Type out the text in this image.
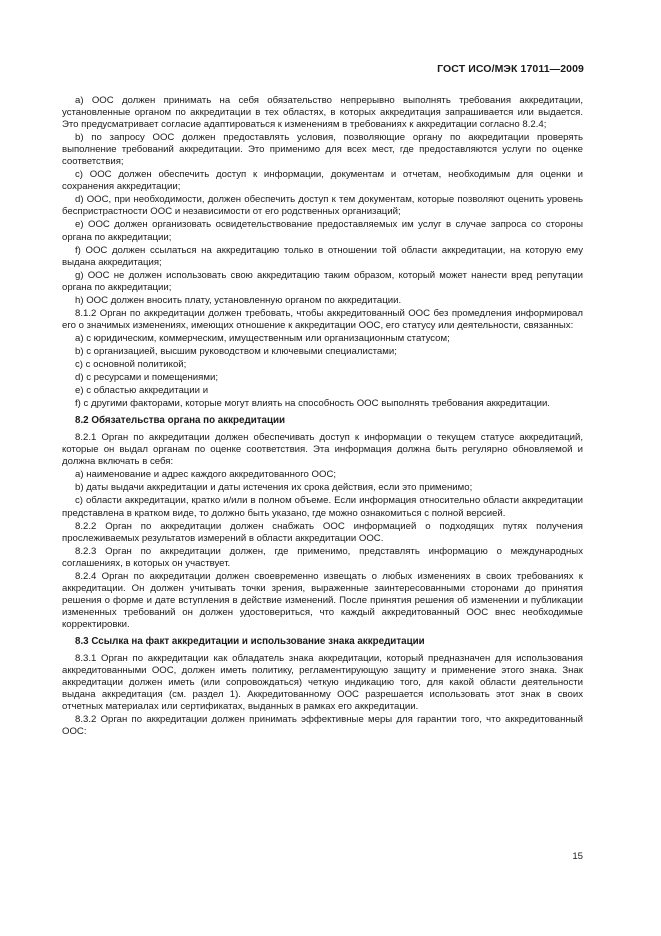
ГОСТ ИСО/МЭК 17011—2009

a) ООС должен принимать на себя обязательство непрерывно выполнять требования аккредитации, установленные органом по аккредитации в тех областях, в которых аккредитация запрашивается или выдается. Это предусматривает согласие адаптироваться к изменениям в требованиях к аккредитации согласно 8.2.4;

b) по запросу ООС должен предоставлять условия, позволяющие органу по аккредитации проверять выполнение требований аккредитации. Это применимо для всех мест, где предоставляются услуги по оценке соответствия;

c) ООС должен обеспечить доступ к информации, документам и отчетам, необходимым для оценки и сохранения аккредитации;

d) ООС, при необходимости, должен обеспечить доступ к тем документам, которые позволяют оценить уровень беспристрастности ООС и независимости от его родственных организаций;

e) ООС должен организовать освидетельствование предоставляемых им услуг в случае запроса со стороны органа по аккредитации;

f) ООС должен ссылаться на аккредитацию только в отношении той области аккредитации, на которую ему выдана аккредитация;

g) ООС не должен использовать свою аккредитацию таким образом, который может нанести вред репутации органа по аккредитации;

h) ООС должен вносить плату, установленную органом по аккредитации.

8.1.2 Орган по аккредитации должен требовать, чтобы аккредитованный ООС без промедления информировал его о значимых изменениях, имеющих отношение к аккредитации ООС, его статусу или деятельности, связанных:

a) с юридическим, коммерческим, имущественным или организационным статусом;

b) с организацией, высшим руководством и ключевыми специалистами;

c) с основной политикой;

d) с ресурсами и помещениями;

e) с областью аккредитации и

f) с другими факторами, которые могут влиять на способность ООС выполнять требования аккредитации.

8.2 Обязательства органа по аккредитации

8.2.1 Орган по аккредитации должен обеспечивать доступ к информации о текущем статусе аккредитаций, которые он выдал органам по оценке соответствия. Эта информация должна быть регулярно обновляемой и должна включать в себя:

a) наименование и адрес каждого аккредитованного ООС;

b) даты выдачи аккредитации и даты истечения их срока действия, если это применимо;

c) области аккредитации, кратко и/или в полном объеме. Если информация относительно области аккредитации представлена в кратком виде, то должно быть указано, где можно ознакомиться с полной версией.

8.2.2 Орган по аккредитации должен снабжать ООС информацией о подходящих путях получения прослеживаемых результатов измерений в области аккредитации ООС.

8.2.3 Орган по аккредитации должен, где применимо, представлять информацию о международных соглашениях, в которых он участвует.

8.2.4 Орган по аккредитации должен своевременно извещать о любых изменениях в своих требованиях к аккредитации. Он должен учитывать точки зрения, выраженные заинтересованными сторонами до принятия решения о форме и дате вступления в действие изменений. После принятия решения об изменении и публикации измененных требований он должен удостовериться, что каждый аккредитованный ООС внес необходимые корректировки.

8.3 Ссылка на факт аккредитации и использование знака аккредитации

8.3.1 Орган по аккредитации как обладатель знака аккредитации, который предназначен для использования аккредитованными ООС, должен иметь политику, регламентирующую защиту и применение этого знака. Знак аккредитации должен иметь (или сопровождаться) четкую индикацию того, для какой области деятельности выдана аккредитация (см. раздел 1). Аккредитованному ООС разрешается использовать этот знак в своих отчетных материалах или сертификатах, выданных в рамках его аккредитации.

8.3.2 Орган по аккредитации должен принимать эффективные меры для гарантии того, что аккредитованный ООС:

15
